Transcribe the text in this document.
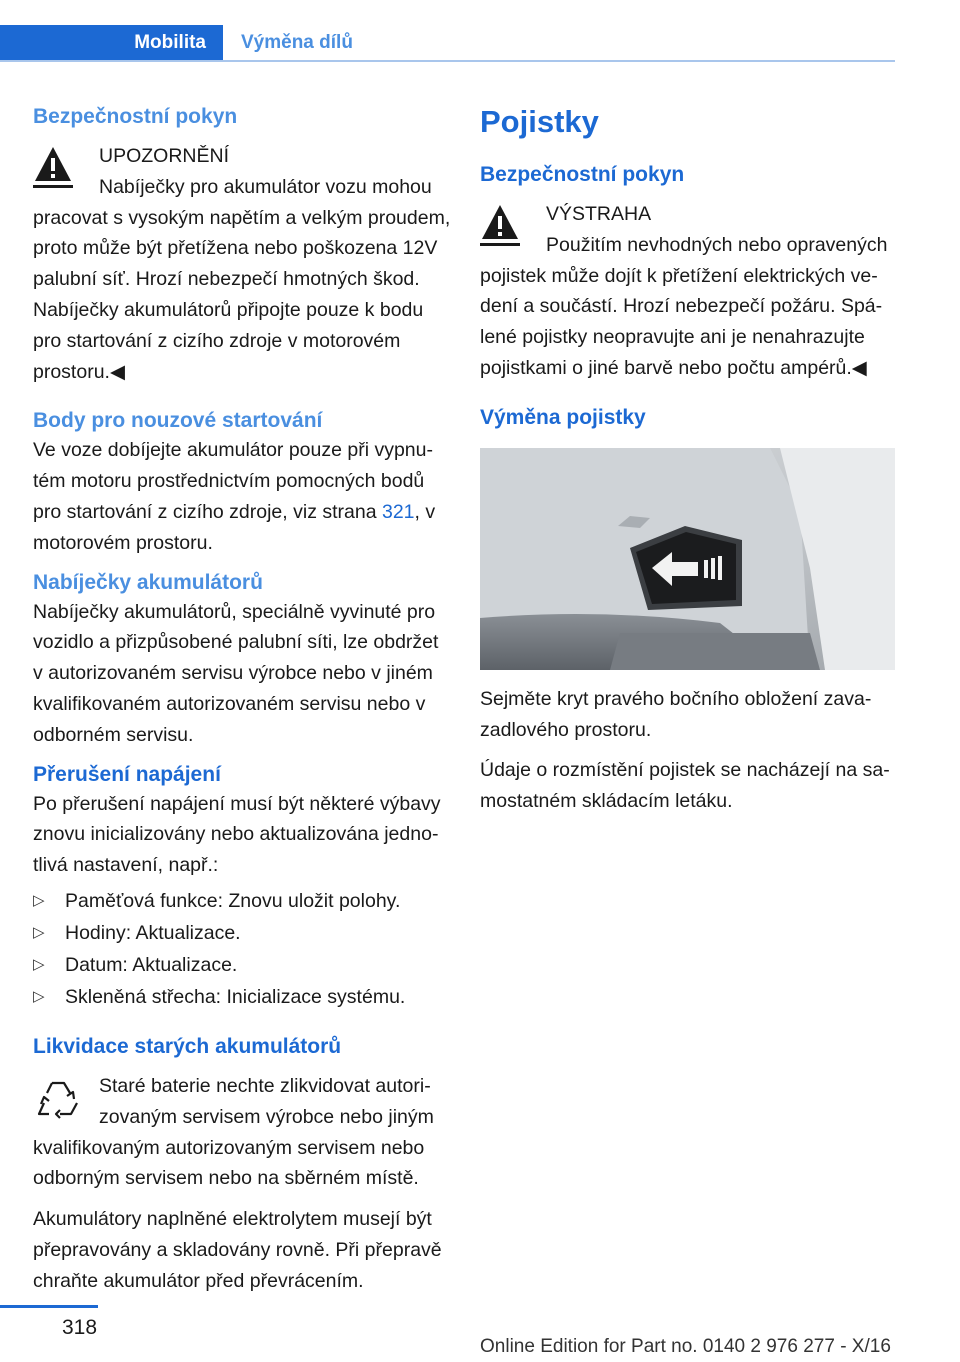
Mobilita	Výměna dílů
Bezpečnostní pokyn
UPOZORNĚNÍ

Nabíječky pro akumulátor vozu mohou pracovat s vysokým napětím a velkým proudem, proto může být přetížena nebo poškozena 12V palubní síť. Hrozí nebezpečí hmotných škod. Nabíječky akumulátorů připojte pouze k bodu pro startování z cizího zdroje v motorovém prostoru.◀

Body pro nouzové startování

Ve voze dobíjejte akumulátor pouze při vypnutém motoru prostřednictvím pomocných bodů pro startování z cizího zdroje, viz strana 321, v motorovém prostoru.

Nabíječky akumulátorů

Nabíječky akumulátorů, speciálně vyvinuté pro vozidlo a přizpůsobené palubní síti, lze obdržet v autorizovaném servisu výrobce nebo v jiném kvalifikovaném autorizovaném servisu nebo v odborném servisu.

Přerušení napájení

Po přerušení napájení musí být některé výbavy znovu inicializovány nebo aktualizována jednotlivá nastavení, např.:

▷ Paměťová funkce: Znovu uložit polohy.
▷ Hodiny: Aktualizace.
▷ Datum: Aktualizace.
▷ Skleněná střecha: Inicializace systému.
Likvidace starých akumulátorů

Staré baterie nechte zlikvidovat autorizovaným servisem výrobce nebo jiným kvalifikovaným autorizovaným servisem nebo odborným servisem nebo na sběrném místě.

Akumulátory naplněné elektrolytem musejí být přepravovány a skladovány rovně. Při přepravě chraňte akumulátor před převrácením.

Pojistky
Bezpečnostní pokyn
VÝSTRAHA

Použitím nevhodných nebo opravených pojistek může dojít k přetížení elektrických vedení a součástí. Hrozí nebezpečí požáru. Spálené pojistky neopravujte ani je nenahrazujte pojistkami o jiné barvě nebo počtu ampérů.◀

Výměna pojistky

Sejměte kryt pravého bočního obložení zavazadlového prostoru.

Údaje o rozmístění pojistek se nacházejí na samostatném skládacím letáku.

318
Online Edition for Part no. 0140 2 976 277 - X/16
